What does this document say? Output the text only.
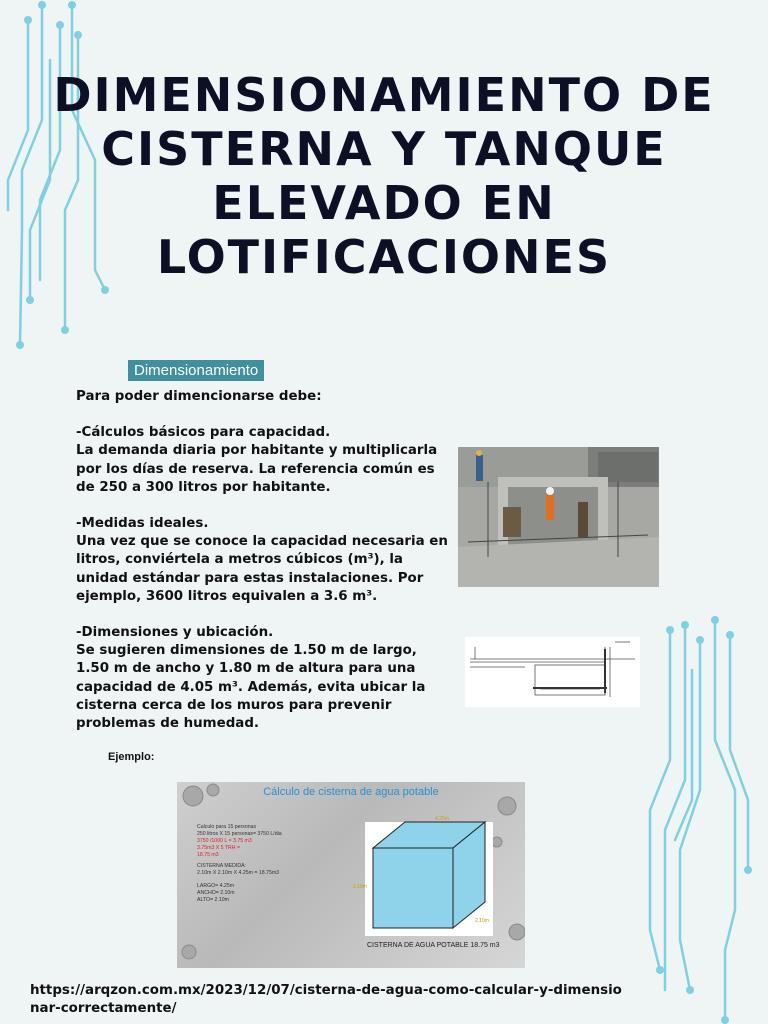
DIMENSIONAMIENTO DE CISTERNA Y TANQUE ELEVADO EN LOTIFICACIONES
Dimensionamiento

Para poder dimencionarse debe:

-Cálculos básicos para capacidad.
La demanda diaria por habitante y multiplicarla por los días de reserva. La referencia común es de 250 a 300 litros por habitante.

-Medidas ideales.
Una vez que se conoce la capacidad necesaria en litros, conviértela a metros cúbicos (m³), la unidad estándar para estas instalaciones. Por ejemplo, 3600 litros equivalen a 3.6 m³.

-Dimensiones y ubicación.
Se sugieren dimensiones de 1.50 m de largo, 1.50 m de ancho y 1.80 m de altura para una capacidad de 4.05 m³. Además, evita ubicar la cisterna cerca de los muros para prevenir problemas de humedad.

Ejemplo:
Cálculo de cisterna de agua potable
Calculo para 15 personas
250 litros X 15 personas= 3750 L/dia
3750 /1000 L = 3.75 m3
3.75m3 X 5 TRH =
18.75 m3
CISTERNA MEDIDA:
2.10m X 2.10m X 4.25m = 18.75m3
LARGO= 4.25m
ANCHO= 2.10m
ALTO= 2.10m
4.25m
2.10m
2.10m
CISTERNA DE AGUA POTABLE 18.75 m3
https://arqzon.com.mx/2023/12/07/cisterna-de-agua-como-calcular-y-dimensionar-correctamente/
